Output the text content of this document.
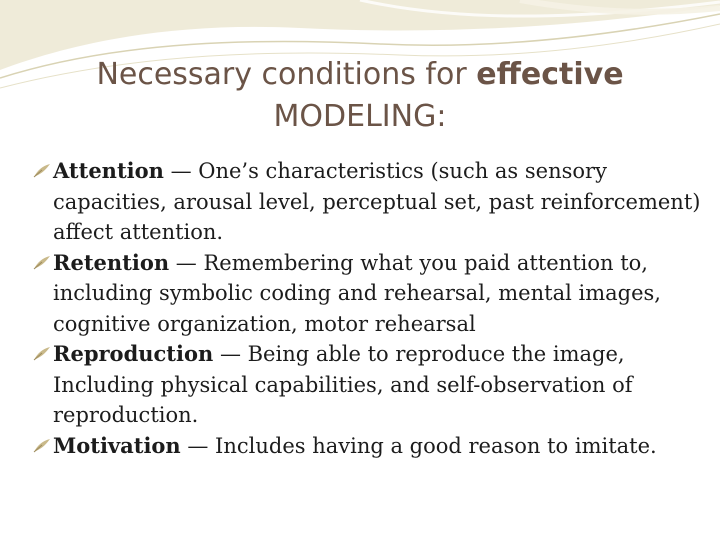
Necessary conditions for effective
MODELING:
Attention — One’s characteristics (such as sensory capacities, arousal level, perceptual set, past reinforcement) affect attention.
Retention — Remembering what you paid attention to, including symbolic coding and rehearsal, mental images, cognitive organization, motor rehearsal
Reproduction — Being able to reproduce the image, Including physical capabilities, and self-observation of reproduction.
Motivation — Includes having a good reason to imitate.
